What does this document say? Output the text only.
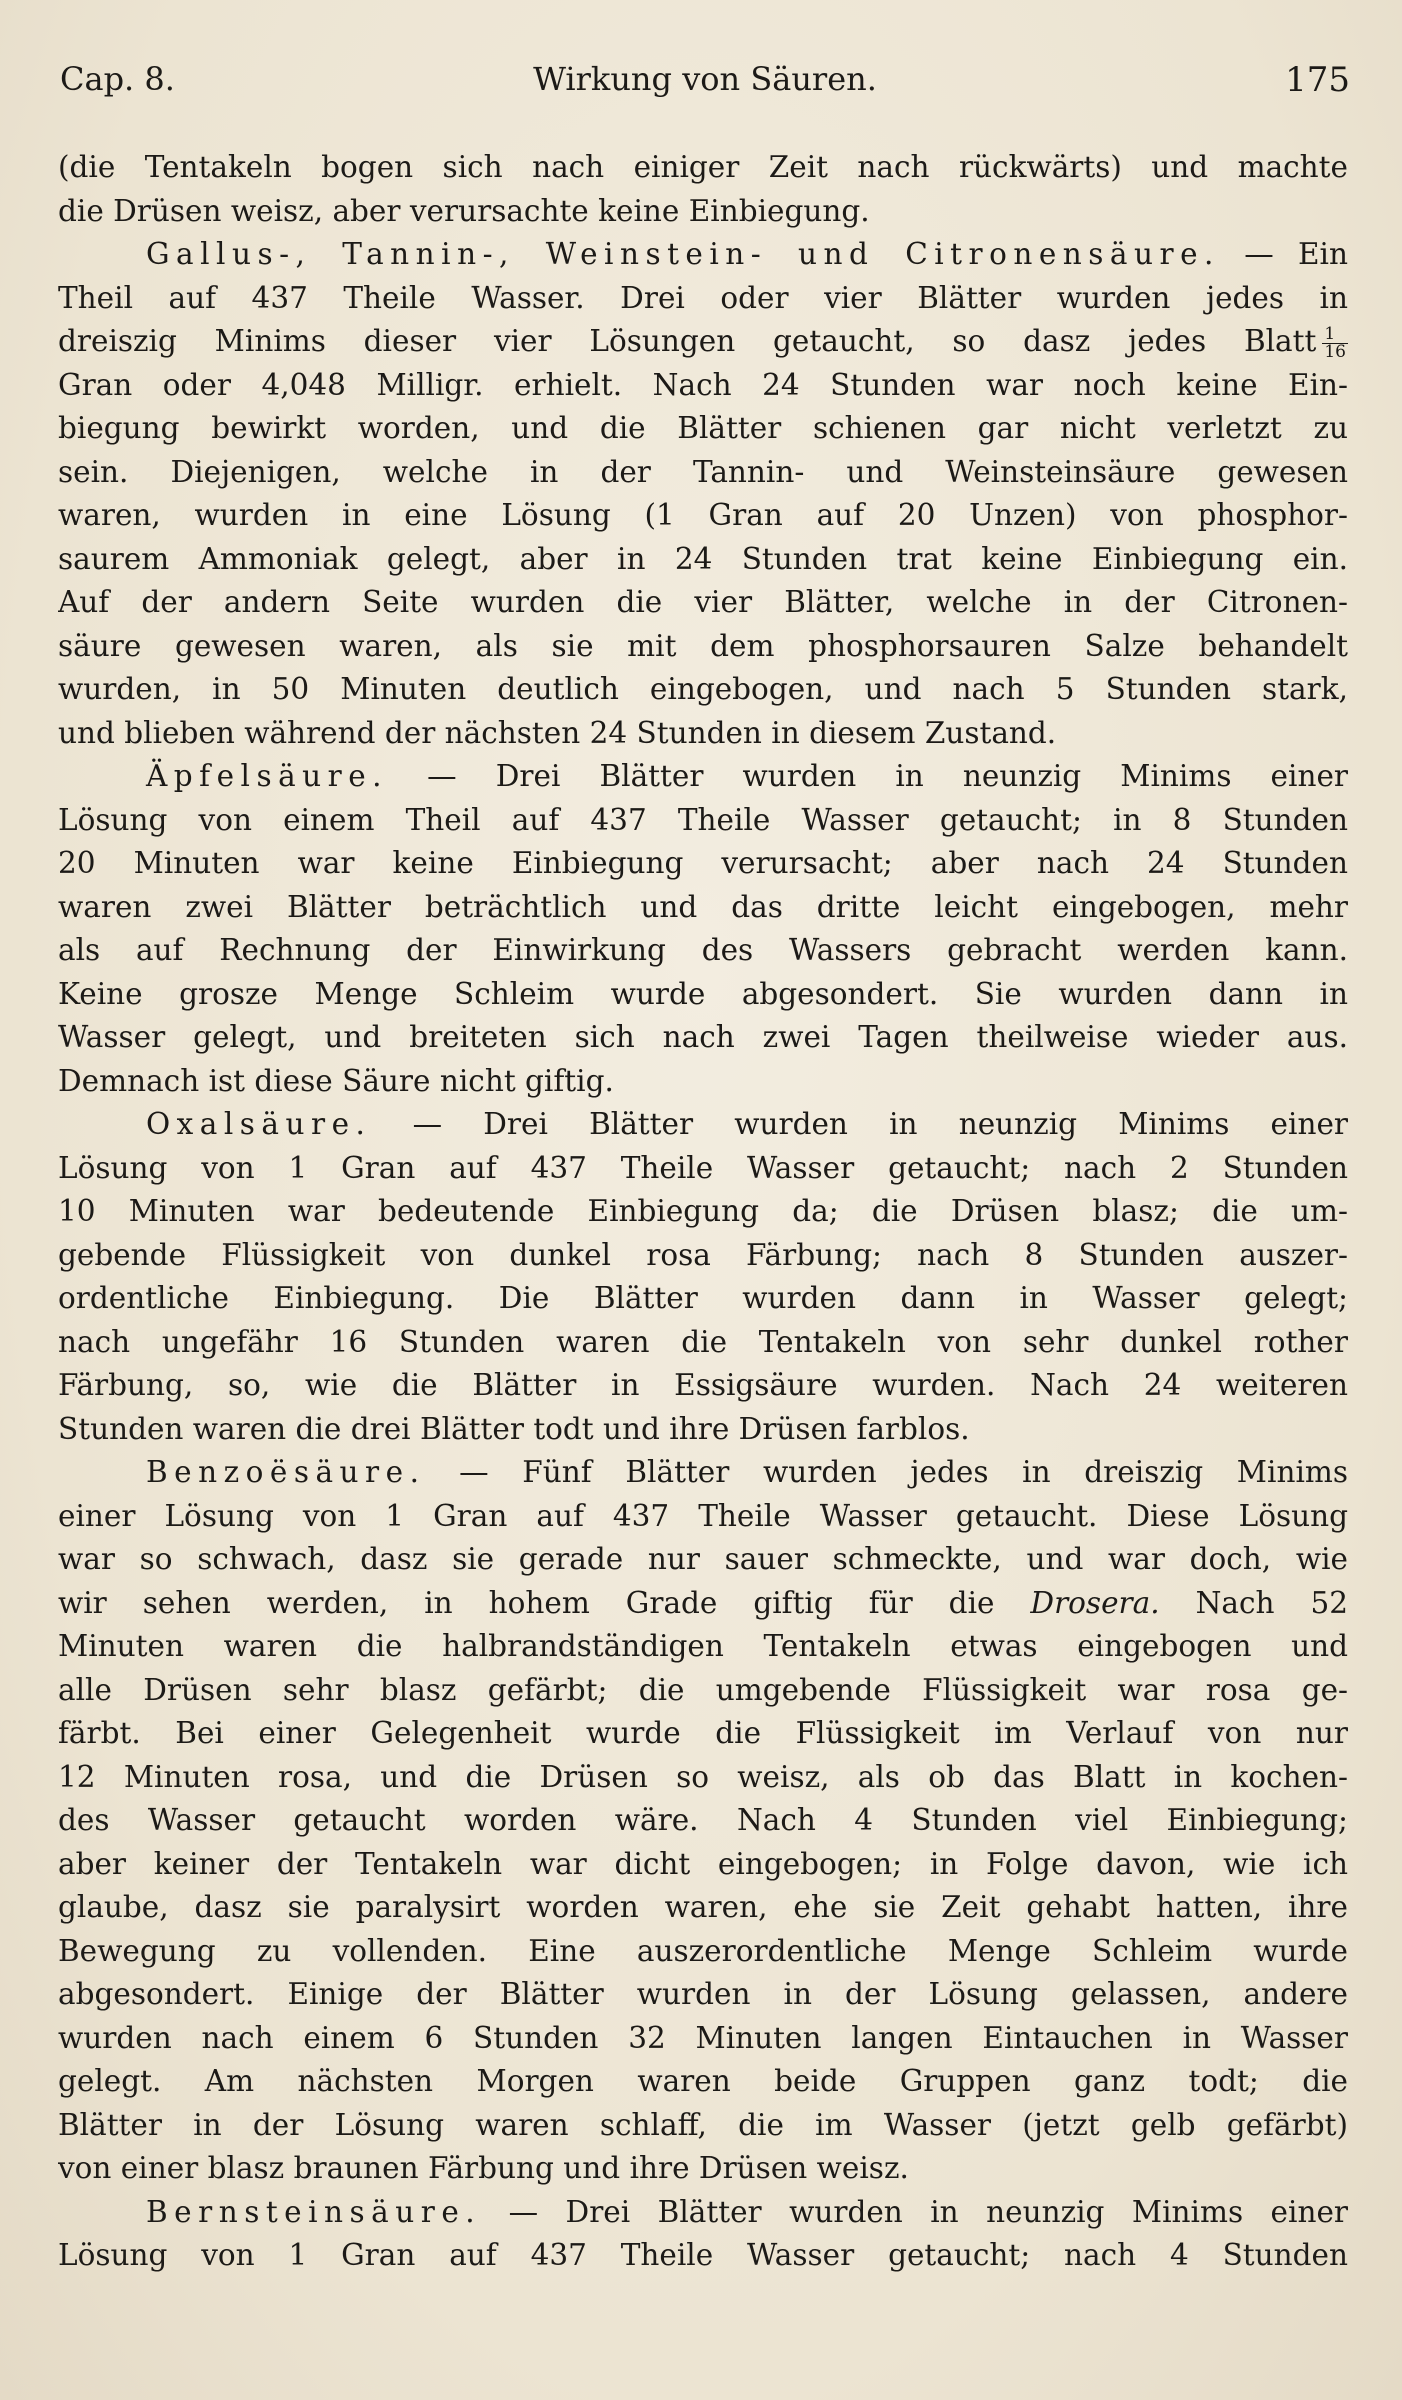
Cap. 8.	Wirkung von Säuren.	175
(die Tentakeln bogen sich nach einiger Zeit nach rückwärts) und machte
die Drüsen weisz, aber verursachte keine Einbiegung.
Gallus-, Tannin-, Weinstein- und Citronensäure. — Ein
Theil auf 437 Theile Wasser. Drei oder vier Blätter wurden jedes in
dreiszig Minims dieser vier Lösungen getaucht, so dasz jedes Blatt $\frac{1}{16}$
Gran oder 4,048 Milligr. erhielt. Nach 24 Stunden war noch keine Ein-
biegung bewirkt worden, und die Blätter schienen gar nicht verletzt zu
sein. Diejenigen, welche in der Tannin- und Weinsteinsäure gewesen
waren, wurden in eine Lösung (1 Gran auf 20 Unzen) von phosphor-
saurem Ammoniak gelegt, aber in 24 Stunden trat keine Einbiegung ein.
Auf der andern Seite wurden die vier Blätter, welche in der Citronen-
säure gewesen waren, als sie mit dem phosphorsauren Salze behandelt
wurden, in 50 Minuten deutlich eingebogen, und nach 5 Stunden stark,
und blieben während der nächsten 24 Stunden in diesem Zustand.
Äpfelsäure. — Drei Blätter wurden in neunzig Minims einer
Lösung von einem Theil auf 437 Theile Wasser getaucht; in 8 Stunden
20 Minuten war keine Einbiegung verursacht; aber nach 24 Stunden
waren zwei Blätter beträchtlich und das dritte leicht eingebogen, mehr
als auf Rechnung der Einwirkung des Wassers gebracht werden kann.
Keine grosze Menge Schleim wurde abgesondert. Sie wurden dann in
Wasser gelegt, und breiteten sich nach zwei Tagen theilweise wieder aus.
Demnach ist diese Säure nicht giftig.
Oxalsäure. — Drei Blätter wurden in neunzig Minims einer
Lösung von 1 Gran auf 437 Theile Wasser getaucht; nach 2 Stunden
10 Minuten war bedeutende Einbiegung da; die Drüsen blasz; die um-
gebende Flüssigkeit von dunkel rosa Färbung; nach 8 Stunden auszer-
ordentliche Einbiegung. Die Blätter wurden dann in Wasser gelegt;
nach ungefähr 16 Stunden waren die Tentakeln von sehr dunkel rother
Färbung, so, wie die Blätter in Essigsäure wurden. Nach 24 weiteren
Stunden waren die drei Blätter todt und ihre Drüsen farblos.
Benzoësäure. — Fünf Blätter wurden jedes in dreiszig Minims
einer Lösung von 1 Gran auf 437 Theile Wasser getaucht. Diese Lösung
war so schwach, dasz sie gerade nur sauer schmeckte, und war doch, wie
wir sehen werden, in hohem Grade giftig für die Drosera. Nach 52
Minuten waren die halbrandständigen Tentakeln etwas eingebogen und
alle Drüsen sehr blasz gefärbt; die umgebende Flüssigkeit war rosa ge-
färbt. Bei einer Gelegenheit wurde die Flüssigkeit im Verlauf von nur
12 Minuten rosa, und die Drüsen so weisz, als ob das Blatt in kochen-
des Wasser getaucht worden wäre. Nach 4 Stunden viel Einbiegung;
aber keiner der Tentakeln war dicht eingebogen; in Folge davon, wie ich
glaube, dasz sie paralysirt worden waren, ehe sie Zeit gehabt hatten, ihre
Bewegung zu vollenden. Eine auszerordentliche Menge Schleim wurde
abgesondert. Einige der Blätter wurden in der Lösung gelassen, andere
wurden nach einem 6 Stunden 32 Minuten langen Eintauchen in Wasser
gelegt. Am nächsten Morgen waren beide Gruppen ganz todt; die
Blätter in der Lösung waren schlaff, die im Wasser (jetzt gelb gefärbt)
von einer blasz braunen Färbung und ihre Drüsen weisz.
Bernsteinsäure. — Drei Blätter wurden in neunzig Minims einer
Lösung von 1 Gran auf 437 Theile Wasser getaucht; nach 4 Stunden
